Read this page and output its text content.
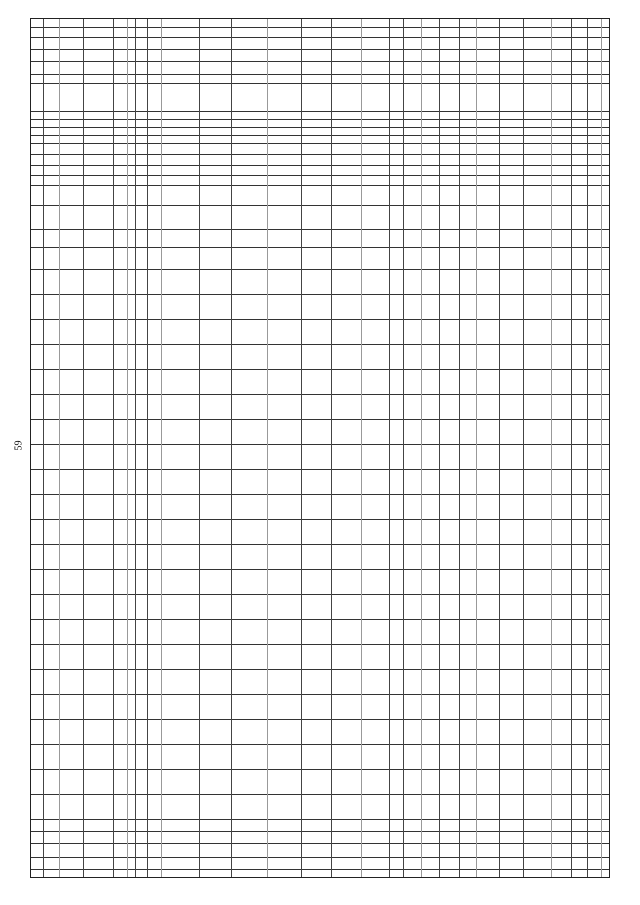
59
